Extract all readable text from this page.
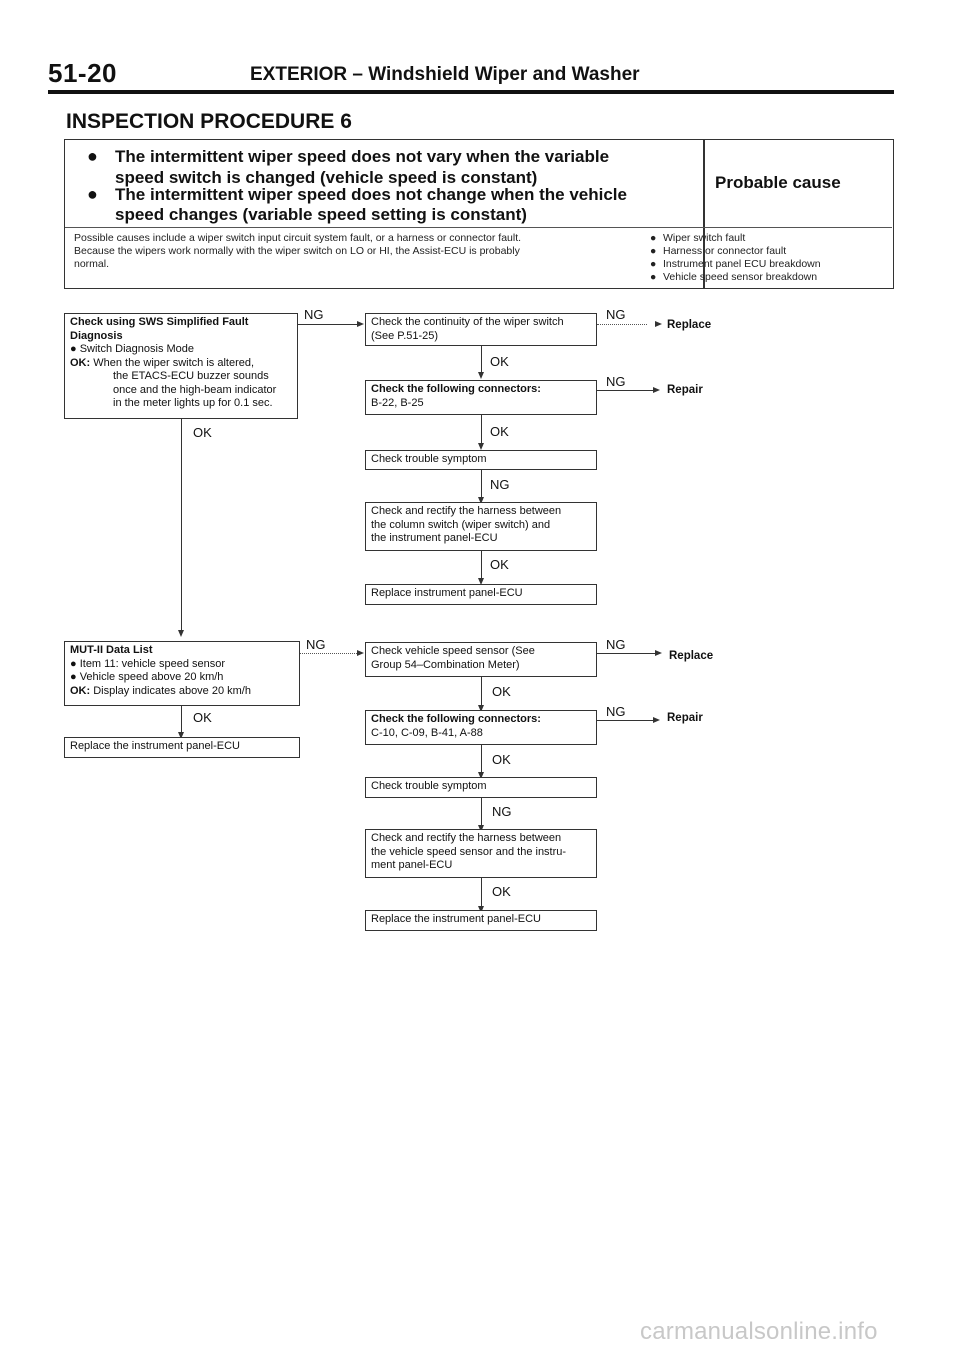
51-20	EXTERIOR – Windshield Wiper and Washer
INSPECTION PROCEDURE 6
● The intermittent wiper speed does not vary when the variable
speed switch is changed (vehicle speed is constant)
● The intermittent wiper speed does not change when the vehicle
speed changes (variable speed setting is constant)
Probable cause
Possible causes include a wiper switch input circuit system fault, or a harness or connector fault.
Because the wipers work normally with the wiper switch on LO or HI, the Assist-ECU is probably
normal.
● Wiper switch fault
● Harness or connector fault
● Instrument panel ECU breakdown
● Vehicle speed sensor breakdown
Check using SWS Simplified Fault
Diagnosis
● Switch Diagnosis Mode
OK: When the wiper switch is altered,
the ETACS-ECU buzzer sounds
once and the high-beam indicator
in the meter lights up for 0.1 sec.
NG	Check the continuity of the wiper switch
(See P.51-25)
NG
Replace
OK
Check the following connectors:
B-22, B-25
NG
Repair
OK
Check trouble symptom
NG
Check and rectify the harness between
the column switch (wiper switch) and
the instrument panel-ECU
OK
Replace instrument panel-ECU
OK
MUT-II Data List
● Item 11: vehicle speed sensor
● Vehicle speed above 20 km/h
OK: Display indicates above 20 km/h
NG
OK
Replace the instrument panel-ECU
Check vehicle speed sensor (See
Group 54–Combination Meter)
NG
Replace
OK
Check the following connectors:
C-10, C-09, B-41, A-88
NG	Repair
OK
Check trouble symptom
NG
Check and rectify the harness between
the vehicle speed sensor and the instru-
ment panel-ECU
OK
Replace the instrument panel-ECU
carmanualsonline.info
